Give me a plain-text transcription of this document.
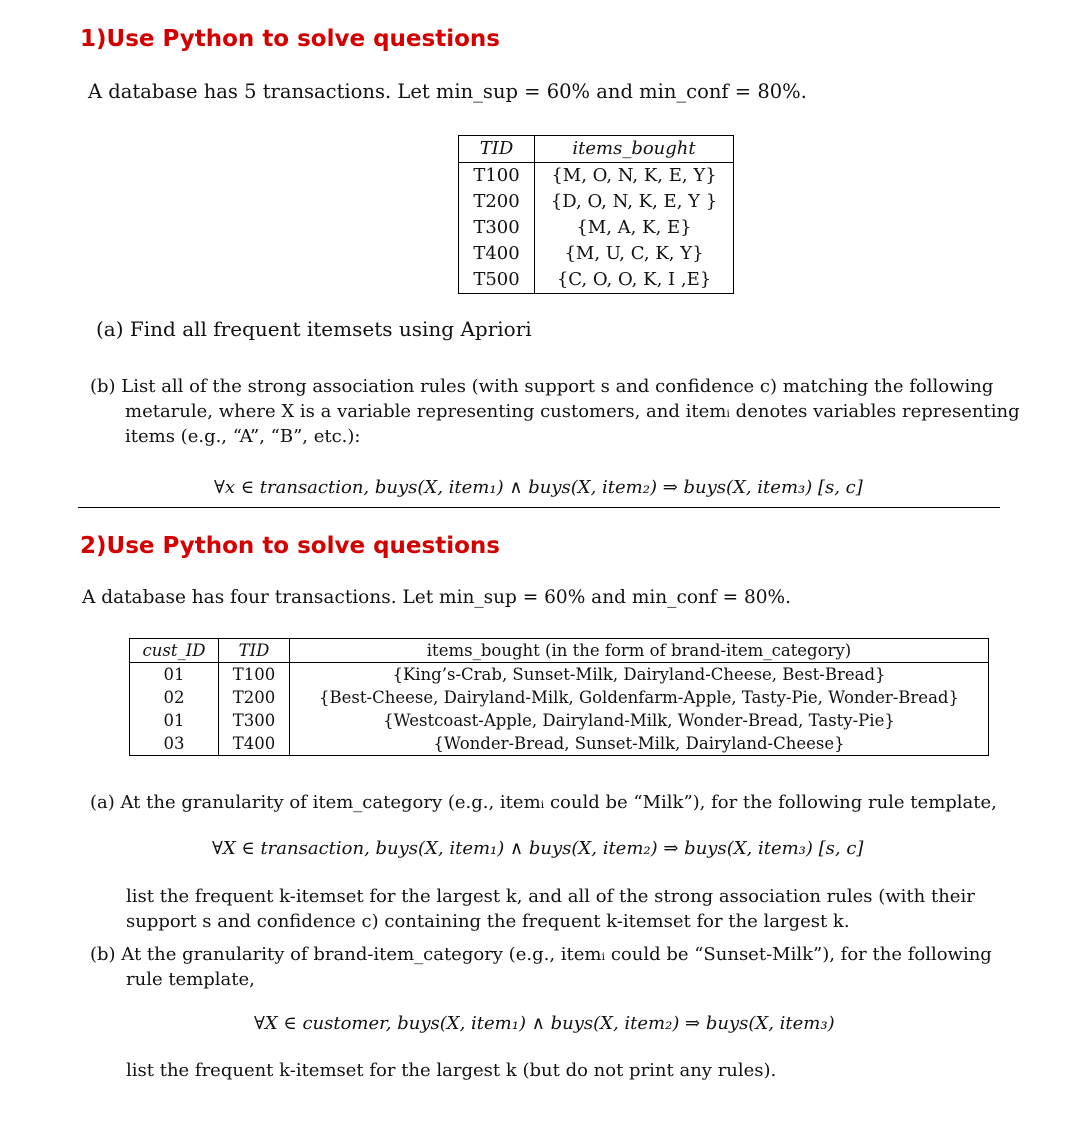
1)Use Python to solve questions
A database has 5 transactions. Let min_sup = 60% and min_conf = 80%.
TID	items_bought
T100	{M, O, N, K, E, Y}
T200	{D, O, N, K, E, Y }
T300	{M, A, K, E}
T400	{M, U, C, K, Y}
T500	{C, O, O, K, I ,E}
(a) Find all frequent itemsets using Apriori
(b) List all of the strong association rules (with support s and confidence c) matching the following
metarule, where X is a variable representing customers, and itemᵢ denotes variables representing
items (e.g., “A”, “B”, etc.):
∀x ∈ transaction, buys(X, item₁) ∧ buys(X, item₂) ⇒ buys(X, item₃) [s, c]
2)Use Python to solve questions
A database has four transactions. Let min_sup = 60% and min_conf = 80%.
cust_ID	TID	items_bought (in the form of brand-item_category)
01	T100	{King’s-Crab, Sunset-Milk, Dairyland-Cheese, Best-Bread}
02	T200	{Best-Cheese, Dairyland-Milk, Goldenfarm-Apple, Tasty-Pie, Wonder-Bread}
01	T300	{Westcoast-Apple, Dairyland-Milk, Wonder-Bread, Tasty-Pie}
03	T400	{Wonder-Bread, Sunset-Milk, Dairyland-Cheese}
(a) At the granularity of item_category (e.g., itemᵢ could be “Milk”), for the following rule template,
∀X ∈ transaction, buys(X, item₁) ∧ buys(X, item₂) ⇒ buys(X, item₃) [s, c]
list the frequent k-itemset for the largest k, and all of the strong association rules (with their
support s and confidence c) containing the frequent k-itemset for the largest k.
(b) At the granularity of brand-item_category (e.g., itemᵢ could be “Sunset-Milk”), for the following
rule template,
∀X ∈ customer, buys(X, item₁) ∧ buys(X, item₂) ⇒ buys(X, item₃)
list the frequent k-itemset for the largest k (but do not print any rules).
